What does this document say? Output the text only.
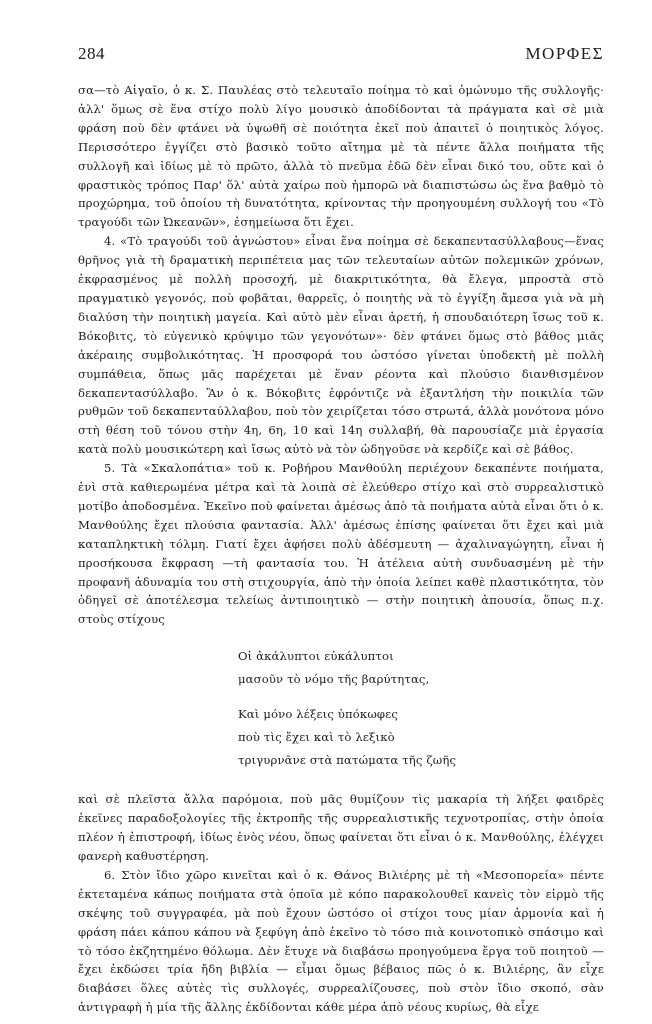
284	ΜΟΡΦΕΣ

σα—τὸ Αἰγαῖο, ὁ κ. Σ. Παυλέας στὸ τελευταῖο ποίημα τὸ καὶ ὁμώνυμο τῆς συλλογῆς· ἀλλ' ὅμως σὲ ἕνα στίχο πολὺ λίγο μουσικὸ ἀποδίδονται τὰ πράγματα καὶ σὲ μιὰ φράση ποὺ δὲν φτάνει νὰ ὑψωθῆ σὲ ποιότητα ἐκεῖ ποὺ ἀπαιτεῖ ὁ ποιητικὸς λόγος. Περισσότερο ἐγγίζει στὸ βασικὸ τοῦτο αἴτημα μὲ τὰ πέντε ἄλλα ποιήματα τῆς συλλογῆ καὶ ἰδίως μὲ τὸ πρῶτο, ἀλλὰ τὸ πνεῦμα ἐδῶ δὲν εἶναι δικό του, οὔτε καὶ ὁ φραστικὸς τρόπος Παρ' ὅλ' αὐτὰ χαίρω ποὺ ἠμπορῶ νὰ διαπιστώσω ὡς ἕνα βαθμὸ τὸ προχώρημα, τοῦ ὁποίου τὴ δυνατότητα, κρίνοντας τὴν προηγουμένη συλλογή του «Τὸ τραγούδι τῶν Ὠκεανῶν», ἐσημείωσα ὅτι ἔχει.

4. «Τὸ τραγούδι τοῦ ἀγνώστου» εἶναι ἕνα ποίημα σὲ δεκαπεντασύλλαβους—ἕνας θρῆνος γιὰ τὴ δραματικὴ περιπέτεια μας τῶν τελευταίων αὐτῶν πολεμικῶν χρόνων, ἐκφρασμένος μὲ πολλὴ προσοχή, μὲ διακριτικότητα, θὰ ἔλεγα, μπροστὰ στὸ πραγματικὸ γεγονός, ποὺ φοβᾶται, θαρρεῖς, ὁ ποιητὴς νὰ τὸ ἐγγίξη ἄμεσα γιὰ νὰ μὴ διαλύση τὴν ποιητικὴ μαγεία. Καὶ αὐτὸ μὲν εἶναι ἀρετή, ἡ σπουδαιότερη ἴσως τοῦ κ. Βόκοβιτς, τὸ εὐγενικὸ κρύψιμο τῶν γεγονότων»· δὲν φτάνει ὅμως στὸ βάθος μιᾶς ἀκέραιης συμβολικότητας. Ἡ προσφορά του ὡστόσο γίνεται ὑποδεκτὴ μὲ πολλὴ συμπάθεια, ὅπως μᾶς παρέχεται μὲ ἕναν ρέοντα καὶ πλούσιο διανθισμένον δεκαπεντασύλλαβο. Ἂν ὁ κ. Βόκοβιτς ἐφρόντιζε νὰ ἐξαντλήση τὴν ποικιλία τῶν ρυθμῶν τοῦ δεκαπενταύλλαβου, ποὺ τὸν χειρίζεται τόσο στρωτά, ἀλλὰ μονότονα μόνο στὴ θέση τοῦ τόνου στὴν 4η, 6η, 10 καὶ 14η συλλαβή, θὰ παρουσίαζε μιὰ ἐργασία κατὰ πολὺ μουσικώτερη καὶ ἴσως αὐτὸ νὰ τὸν ὡδηγοῦσε νὰ κερδίζε καὶ σὲ βάθος.

5. Τὰ «Σκαλοπάτια» τοῦ κ. Ροβήρου Μανθούλη περιέχουν δεκαπέντε ποιήματα, ἐνὶ στὰ καθιερωμένα μέτρα καὶ τὰ λοιπὰ σὲ ἐλεύθερο στίχο καὶ στὸ συρρεαλιστικὸ μοτίβο ἀποδοσμένα. Ἐκεῖνο ποὺ φαίνεται ἀμέσως ἀπὸ τὰ ποιήματα αὐτὰ εἶναι ὅτι ὁ κ. Μανθούλης ἔχει πλούσια φαντασία. Ἀλλ' ἀμέσως ἐπίσης φαίνεται ὅτι ἔχει καὶ μιὰ καταπληκτικὴ τόλμη. Γιατί ἔχει ἀφήσει πολὺ ἀδέσμευτη — ἀχαλιναγώγητη, εἶναι ἡ προσήκουσα ἔκφραση —τὴ φαντασία του. Ἡ ἀτέλεια αὐτὴ συνδυασμένη μὲ τὴν προφανῆ ἀδυναμία του στὴ στιχουργία, ἀπὸ τὴν ὁποία λείπει καθὲ πλαστικότητα, τὸν ὁδηγεῖ σὲ ἀποτέλεσμα τελείως ἀντιποιητικὸ — στὴν ποιητικὴ ἀπουσία, ὅπως π.χ. στοὺς στίχους

Οἱ ἀκάλυπτοι εὐκάλυπτοι
μασοῦν τὸ νόμο τῆς βαρύτητας,
Καὶ μόνο λέξεις ὑπόκωφες
ποὺ τὶς ἔχει καὶ τὸ λεξικὸ
τριγυρνᾶνε στὰ πατώματα τῆς ζωῆς

καὶ σὲ πλεῖστα ἄλλα παρόμοια, ποὺ μᾶς θυμίζουν τὶς μακαρία τὴ λήξει φαιδρὲς ἐκεῖνες παραδοξολογίες τῆς ἐκτροπῆς τῆς συρρεαλιστικῆς τεχνοτροπίας, στὴν ὁποία πλέον ἡ ἐπιστροφή, ἰδίως ἑνὸς νέου, ὅπως φαίνεται ὅτι εἶναι ὁ κ. Μανθούλης, ἐλέγχει φανερὴ καθυστέρηση.

6. Στὸν ἴδιο χῶρο κινεῖται καὶ ὁ κ. Θάνος Βιλιέρης μὲ τὴ «Μεσοπορεία» πέντε ἐκτεταμένα κάπως ποιήματα στὰ ὁποῖα μὲ κόπο παρακολουθεῖ κανεὶς τὸν εἱρμὸ τῆς σκέψης τοῦ συγγραφέα, μὰ ποὺ ἔχουν ὡστόσο οἱ στίχοι τους μίαν ἁρμονία καὶ ἡ φράση πάει κάπου κάπου νὰ ξεφύγη ἀπὸ ἐκεῖνο τὸ τόσο πιὰ κοινοτοπικὸ σπάσιμο καὶ τὸ τόσο ἐκζητημένο θόλωμα. Δὲν ἔτυχε νὰ διαβάσω προηγούμενα ἔργα τοῦ ποιητοῦ — ἔχει ἐκδώσει τρία ἤδη βιβλία — εἶμαι ὅμως βέβαιος πῶς ὁ κ. Βιλιέρης, ἂν εἶχε διαβάσει ὅλες αὐτὲς τὶς συλλογές, συρρεαλίζουσες, ποὺ στὸν ἴδιο σκοπό, σὰν ἀντιγραφὴ ἡ μία τῆς ἄλλης ἐκδίδονται κάθε μέρα ἀπὸ νέους κυρίως, θὰ εἶχε
